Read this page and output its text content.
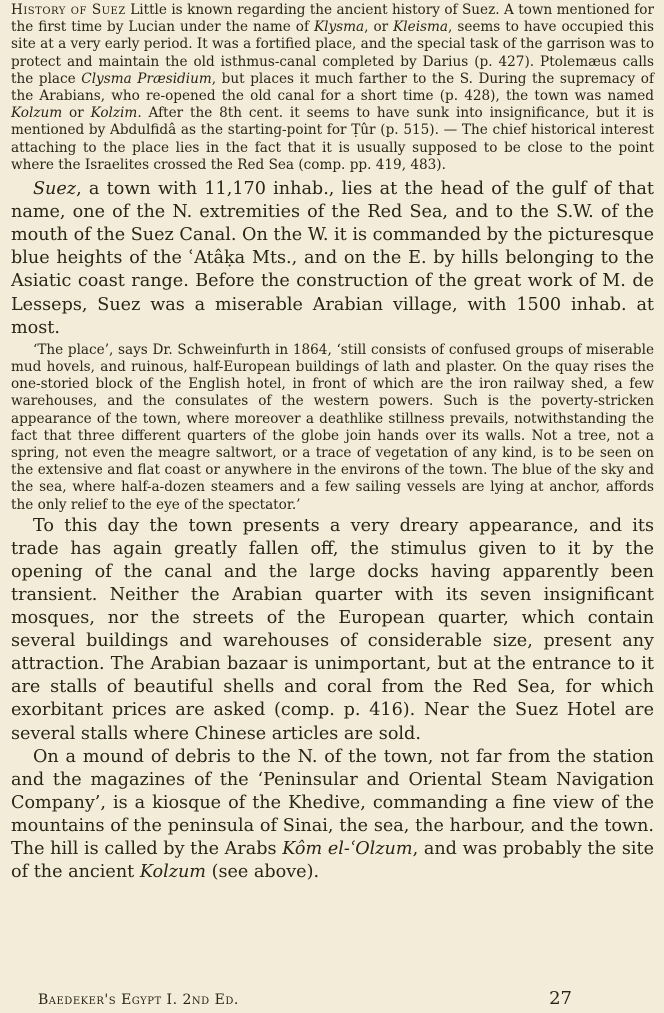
History of Suez Little is known regarding the ancient history of Suez. A town mentioned for the first time by Lucian under the name of Klysma, or Kleisma, seems to have occupied this site at a very early period. It was a fortified place, and the special task of the garrison was to protect and maintain the old isthmus-canal completed by Darius (p. 427). Ptolemæus calls the place Clysma Præsidium, but places it much farther to the S. During the supremacy of the Arabians, who re-opened the old canal for a short time (p. 428), the town was named Kolzum or Kolzim. After the 8th cent. it seems to have sunk into insignificance, but it is mentioned by Abdulfidâ as the starting-point for Ṭûr (p. 515). — The chief historical interest attaching to the place lies in the fact that it is usually supposed to be close to the point where the Israelites crossed the Red Sea (comp. pp. 419, 483).

Suez, a town with 11,170 inhab., lies at the head of the gulf of that name, one of the N. extremities of the Red Sea, and to the S.W. of the mouth of the Suez Canal. On the W. it is commanded by the picturesque blue heights of the ʿAtâḳa Mts., and on the E. by hills belonging to the Asiatic coast range. Before the construction of the great work of M. de Lesseps, Suez was a miserable Arabian village, with 1500 inhab. at most.

‘The place’, says Dr. Schweinfurth in 1864, ‘still consists of confused groups of miserable mud hovels, and ruinous, half-European buildings of lath and plaster. On the quay rises the one-storied block of the English hotel, in front of which are the iron railway shed, a few warehouses, and the consulates of the western powers. Such is the poverty-stricken appearance of the town, where moreover a deathlike stillness prevails, notwithstanding the fact that three different quarters of the globe join hands over its walls. Not a tree, not a spring, not even the meagre saltwort, or a trace of vegetation of any kind, is to be seen on the extensive and flat coast or anywhere in the environs of the town. The blue of the sky and the sea, where half-a-dozen steamers and a few sailing vessels are lying at anchor, affords the only relief to the eye of the spectator.’

To this day the town presents a very dreary appearance, and its trade has again greatly fallen off, the stimulus given to it by the opening of the canal and the large docks having apparently been transient. Neither the Arabian quarter with its seven insignificant mosques, nor the streets of the European quarter, which contain several buildings and warehouses of considerable size, present any attraction. The Arabian bazaar is unimportant, but at the entrance to it are stalls of beautiful shells and coral from the Red Sea, for which exorbitant prices are asked (comp. p. 416). Near the Suez Hotel are several stalls where Chinese articles are sold.

On a mound of debris to the N. of the town, not far from the station and the magazines of the ‘Peninsular and Oriental Steam Navigation Company’, is a kiosque of the Khedive, commanding a fine view of the mountains of the peninsula of Sinai, the sea, the harbour, and the town. The hill is called by the Arabs Kôm el-ʿOlzum, and was probably the site of the ancient Kolzum (see above).

Baedeker's Egypt I. 2nd Ed.	27
